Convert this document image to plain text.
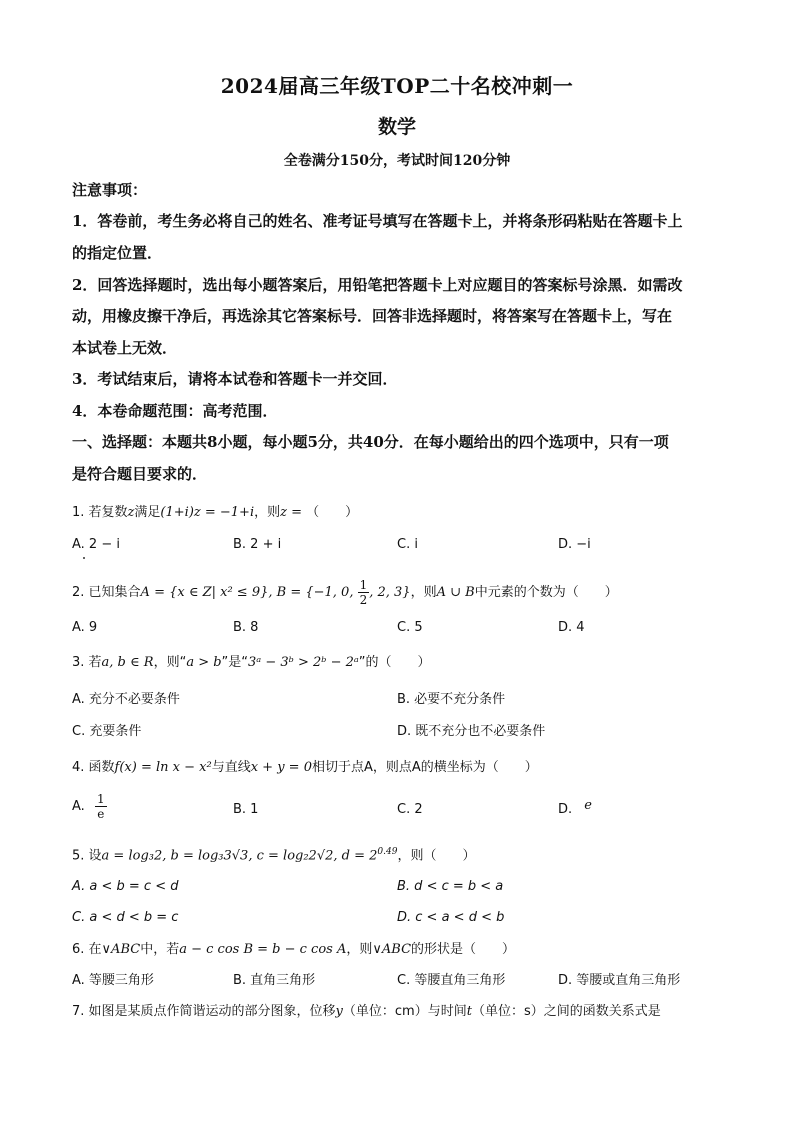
2024届高三年级TOP二十名校冲刺一
数学
全卷满分150分，考试时间120分钟
注意事项：
1．答卷前，考生务必将自己的姓名、准考证号填写在答题卡上，并将条形码粘贴在答题卡上
的指定位置．
2．回答选择题时，选出每小题答案后，用铅笔把答题卡上对应题目的答案标号涂黑．如需改
动，用橡皮擦干净后，再选涂其它答案标号．回答非选择题时，将答案写在答题卡上，写在
本试卷上无效．
3．考试结束后，请将本试卷和答题卡一并交回．
4．本卷命题范围：高考范围．
一、选择题：本题共8小题，每小题5分，共40分．在每小题给出的四个选项中，只有一项
是符合题目要求的．
1. 若复数z满足(1+i)z = −1+i，则z = （　　）
A. 2 − i	B. 2 + i	C. i	D. −i
2. 已知集合A = {x ∈ Z| x² ≤ 9}, B = {−1, 0, $\frac{1}{2}$ , 2, 3}，则A ∪ B中元素的个数为（　　）
A. 9	B. 8	C. 5	D. 4
3. 若a, b ∈ R，则“a > b”是“3ᵃ − 3ᵇ > 2ᵇ − 2ᵃ”的（　　）
A. 充分不必要条件	B. 必要不充分条件
C. 充要条件	D. 既不充分也不必要条件
4. 函数f(x) = ln x − x²与直线x + y = 0相切于点A，则点A的横坐标为（　　）
A. $\frac{1}{e}$	B. 1	C. 2	D. e
5. 设a = log₃2, b = log₃3√3, c = log₂2√2, $d = 2^{0.49}$，则（　　）
A. a < b = c < d	B. d < c = b < a
C. a < d < b = c	D. c < a < d < b
6. 在∨ABC中，若a − c cos B = b − c cos A，则∨ABC的形状是（　　）
A. 等腰三角形	B. 直角三角形	C. 等腰直角三角形	D. 等腰或直角三角形
7. 如图是某质点作简谐运动的部分图象，位移y（单位：cm）与时间t（单位：s）之间的函数关系式是
